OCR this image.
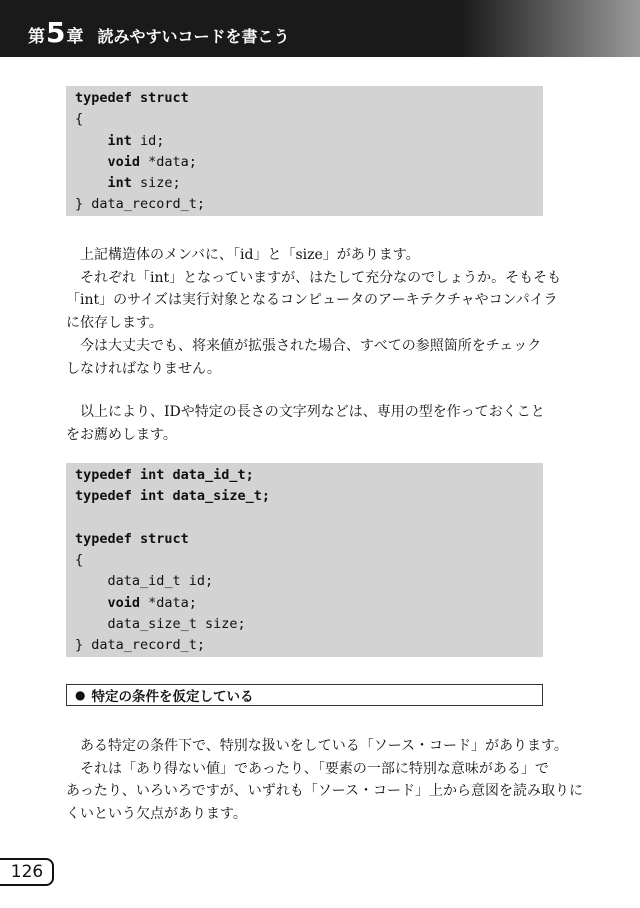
第 5 章 読みやすいコードを書こう
typedef struct
{
int id;
void *data;
int size;
} data_record_t;

上記構造体のメンバに、「id」と「size」があります。

それぞれ「int」となっていますが、はたして充分なのでしょうか。そもそも

「int」のサイズは実行対象となるコンピュータのアーキテクチャやコンパイラ

に依存します。

今は大丈夫でも、将来値が拡張された場合、すべての参照箇所をチェック

しなければなりません。

以上により、IDや特定の長さの文字列などは、専用の型を作っておくこと

をお薦めします。

typedef int data_id_t;
typedef int data_size_t;
typedef struct
{
data_id_t id;
void *data;
data_size_t size;
} data_record_t;
● 特定の条件を仮定している

ある特定の条件下で、特別な扱いをしている「ソース・コード」があります。

それは「あり得ない値」であったり、「要素の一部に特別な意味がある」で

あったり、いろいろですが、いずれも「ソース・コード」上から意図を読み取りに

くいという欠点があります。

126
